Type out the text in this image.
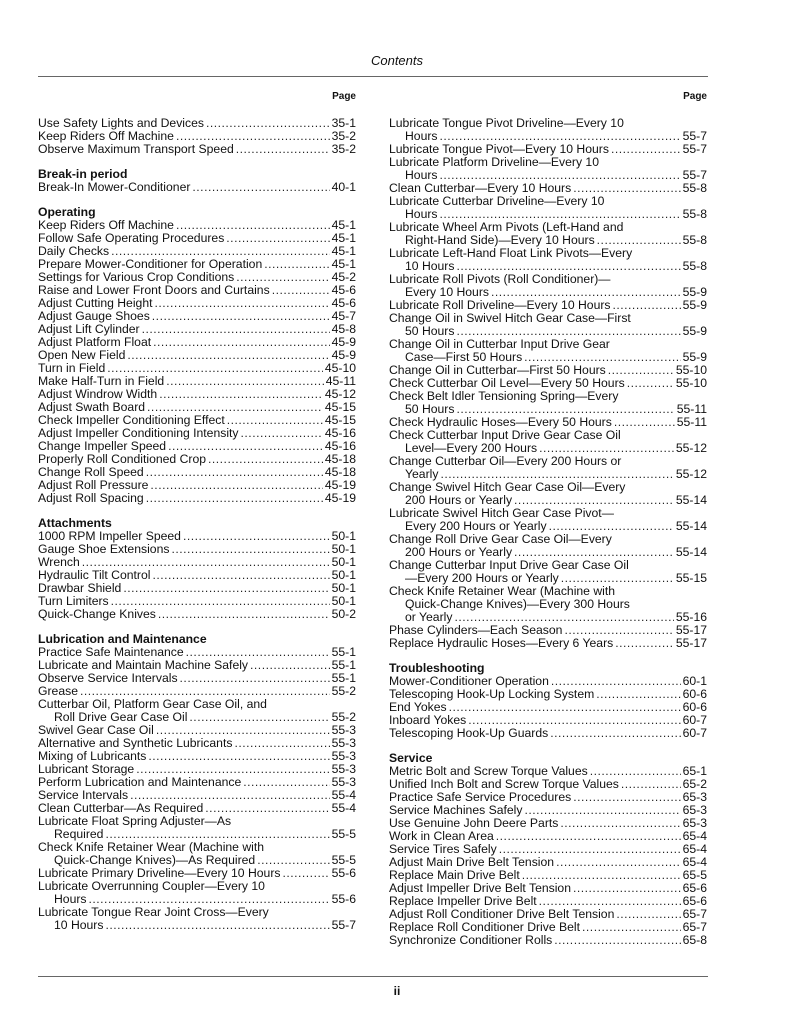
Contents
Page
Use Safety Lights and Devices .....	35-1
Keep Riders Off Machine .....	35-2
Observe Maximum Transport Speed .....	35-2
Break-in period
Break-In Mower-Conditioner .....	40-1
Operating
Keep Riders Off Machine .....	45-1
Follow Safe Operating Procedures .....	45-1
Daily Checks .....	45-1
Prepare Mower-Conditioner for Operation .....	45-1
Settings for Various Crop Conditions .....	45-2
Raise and Lower Front Doors and Curtains .....	45-6
Adjust Cutting Height .....	45-6
Adjust Gauge Shoes .....	45-7
Adjust Lift Cylinder .....	45-8
Adjust Platform Float .....	45-9
Open New Field .....	45-9
Turn in Field .....	45-10
Make Half-Turn in Field .....	45-11
Adjust Windrow Width .....	45-12
Adjust Swath Board .....	45-15
Check Impeller Conditioning Effect .....	45-15
Adjust Impeller Conditioning Intensity .....	45-16
Change Impeller Speed .....	45-16
Properly Roll Conditioned Crop .....	45-18
Change Roll Speed .....	45-18
Adjust Roll Pressure .....	45-19
Adjust Roll Spacing .....	45-19
Attachments
1000 RPM Impeller Speed .....	50-1
Gauge Shoe Extensions .....	50-1
Wrench .....	50-1
Hydraulic Tilt Control .....	50-1
Drawbar Shield .....	50-1
Turn Limiters .....	50-1
Quick-Change Knives .....	50-2
Lubrication and Maintenance
Practice Safe Maintenance .....	55-1
Lubricate and Maintain Machine Safely .....	55-1
Observe Service Intervals .....	55-1
Grease .....	55-2
Cutterbar Oil, Platform Gear Case Oil, and
Roll Drive Gear Case Oil .....	55-2
Swivel Gear Case Oil .....	55-3
Alternative and Synthetic Lubricants .....	55-3
Mixing of Lubricants .....	55-3
Lubricant Storage .....	55-3
Perform Lubrication and Maintenance .....	55-3
Service Intervals .....	55-4
Clean Cutterbar—As Required .....	55-4
Lubricate Float Spring Adjuster—As
Required .....	55-5
Check Knife Retainer Wear (Machine with
Quick-Change Knives)—As Required .....	55-5
Lubricate Primary Driveline—Every 10 Hours .....	55-6
Lubricate Overrunning Coupler—Every 10
Hours .....	55-6
Lubricate Tongue Rear Joint Cross—Every
10 Hours .....	55-7
Page
Lubricate Tongue Pivot Driveline—Every 10
Hours .....	55-7
Lubricate Tongue Pivot—Every 10 Hours .....	55-7
Lubricate Platform Driveline—Every 10
Hours .....	55-7
Clean Cutterbar—Every 10 Hours .....	55-8
Lubricate Cutterbar Driveline—Every 10
Hours .....	55-8
Lubricate Wheel Arm Pivots (Left-Hand and
Right-Hand Side)—Every 10 Hours .....	55-8
Lubricate Left-Hand Float Link Pivots—Every
10 Hours .....	55-8
Lubricate Roll Pivots (Roll Conditioner)—
Every 10 Hours .....	55-9
Lubricate Roll Driveline—Every 10 Hours .....	55-9
Change Oil in Swivel Hitch Gear Case—First
50 Hours .....	55-9
Change Oil in Cutterbar Input Drive Gear
Case—First 50 Hours .....	55-9
Change Oil in Cutterbar—First 50 Hours .....	55-10
Check Cutterbar Oil Level—Every 50 Hours .....	55-10
Check Belt Idler Tensioning Spring—Every
50 Hours .....	55-11
Check Hydraulic Hoses—Every 50 Hours .....	55-11
Check Cutterbar Input Drive Gear Case Oil
Level—Every 200 Hours .....	55-12
Change Cutterbar Oil—Every 200 Hours or
Yearly .....	55-12
Change Swivel Hitch Gear Case Oil—Every
200 Hours or Yearly .....	55-14
Lubricate Swivel Hitch Gear Case Pivot—
Every 200 Hours or Yearly .....	55-14
Change Roll Drive Gear Case Oil—Every
200 Hours or Yearly .....	55-14
Change Cutterbar Input Drive Gear Case Oil
—Every 200 Hours or Yearly .....	55-15
Check Knife Retainer Wear (Machine with
Quick-Change Knives)—Every 300 Hours
or Yearly .....	55-16
Phase Cylinders—Each Season .....	55-17
Replace Hydraulic Hoses—Every 6 Years .....	55-17
Troubleshooting
Mower-Conditioner Operation .....	60-1
Telescoping Hook-Up Locking System .....	60-6
End Yokes .....	60-6
Inboard Yokes .....	60-7
Telescoping Hook-Up Guards .....	60-7
Service
Metric Bolt and Screw Torque Values .....	65-1
Unified Inch Bolt and Screw Torque Values .....	65-2
Practice Safe Service Procedures .....	65-3
Service Machines Safely .....	65-3
Use Genuine John Deere Parts .....	65-3
Work in Clean Area .....	65-4
Service Tires Safely .....	65-4
Adjust Main Drive Belt Tension .....	65-4
Replace Main Drive Belt .....	65-5
Adjust Impeller Drive Belt Tension .....	65-6
Replace Impeller Drive Belt .....	65-6
Adjust Roll Conditioner Drive Belt Tension .....	65-7
Replace Roll Conditioner Drive Belt .....	65-7
Synchronize Conditioner Rolls .....	65-8
ii
